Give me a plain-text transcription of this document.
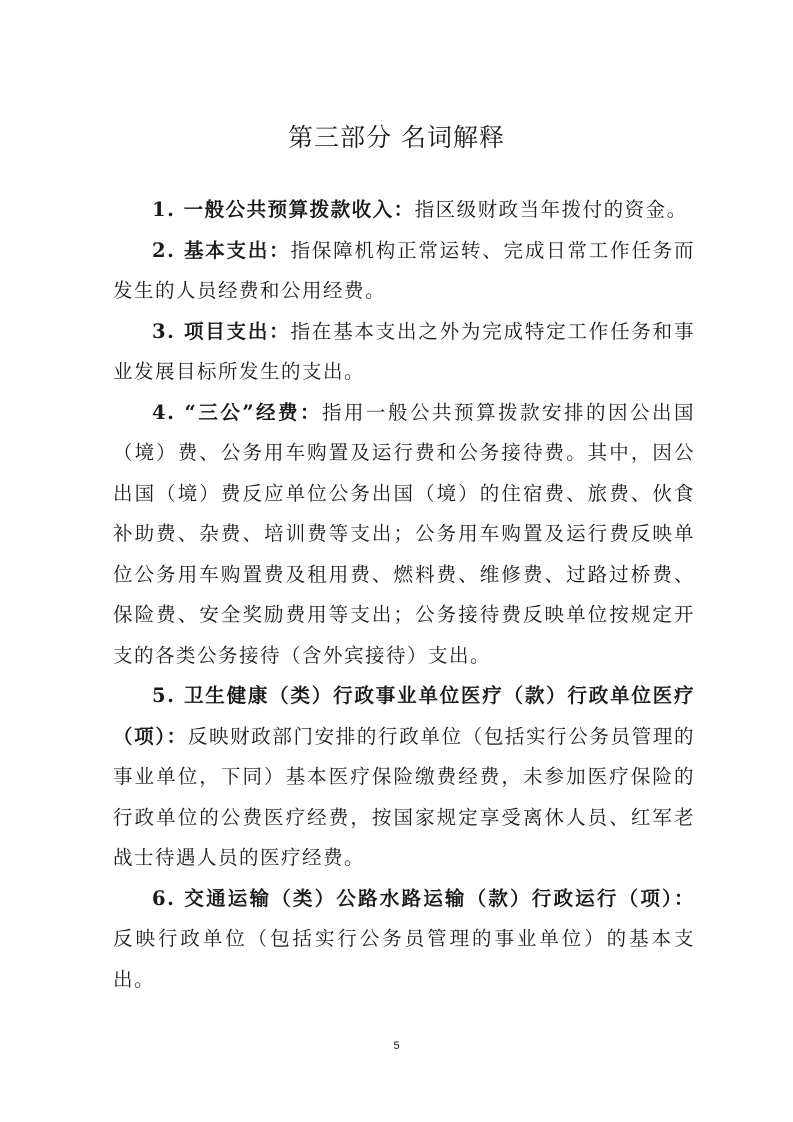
第三部分 名词解释

1. 一般公共预算拨款收入：指区级财政当年拨付的资金。

2. 基本支出：指保障机构正常运转、完成日常工作任务而发生的人员经费和公用经费。

3. 项目支出：指在基本支出之外为完成特定工作任务和事业发展目标所发生的支出。

4. “三公”经费：指用一般公共预算拨款安排的因公出国（境）费、公务用车购置及运行费和公务接待费。其中，因公出国（境）费反应单位公务出国（境）的住宿费、旅费、伙食补助费、杂费、培训费等支出；公务用车购置及运行费反映单位公务用车购置费及租用费、燃料费、维修费、过路过桥费、保险费、安全奖励费用等支出；公务接待费反映单位按规定开支的各类公务接待（含外宾接待）支出。

5. 卫生健康（类）行政事业单位医疗（款）行政单位医疗（项）：反映财政部门安排的行政单位（包括实行公务员管理的事业单位，下同）基本医疗保险缴费经费，未参加医疗保险的行政单位的公费医疗经费，按国家规定享受离休人员、红军老战士待遇人员的医疗经费。

6. 交通运输（类）公路水路运输（款）行政运行（项）：反映行政单位（包括实行公务员管理的事业单位）的基本支出。

5
